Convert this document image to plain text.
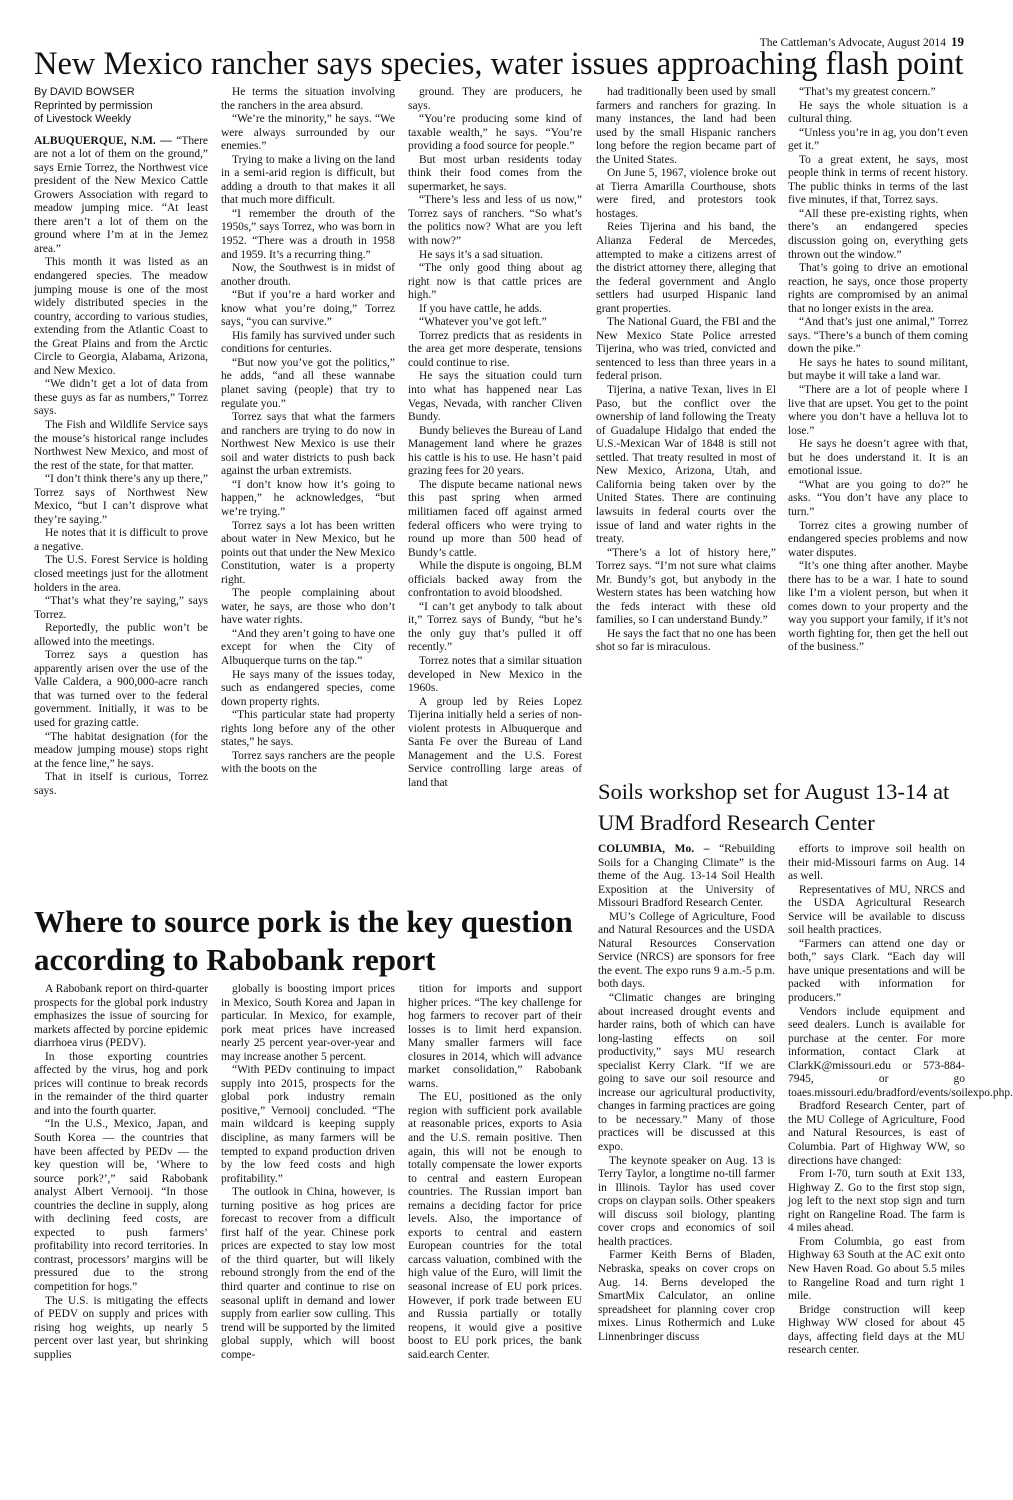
The Cattleman’s Advocate, August 2014 19
New Mexico rancher says species, water issues approaching flash point
By DAVID BOWSER
Reprinted by permission
of Livestock Weekly

ALBUQUERQUE, N.M. — “There are not a lot of them on the ground,” says Ernie Torrez, the Northwest vice president of the New Mexico Cattle Growers Association with regard to meadow jumping mice. “At least there aren’t a lot of them on the ground where I’m at in the Jemez area.”

This month it was listed as an endangered species. The meadow jumping mouse is one of the most widely distributed species in the country, according to various studies, extending from the Atlantic Coast to the Great Plains and from the Arctic Circle to Georgia, Alabama, Arizona, and New Mexico.

“We didn’t get a lot of data from these guys as far as numbers,” Torrez says.

The Fish and Wildlife Service says the mouse’s historical range includes Northwest New Mexico, and most of the rest of the state, for that matter.

“I don’t think there’s any up there,” Torrez says of Northwest New Mexico, “but I can’t disprove what they’re saying.”

He notes that it is difficult to prove a negative.

The U.S. Forest Service is holding closed meetings just for the allotment holders in the area.

“That’s what they’re saying,” says Torrez.

Reportedly, the public won’t be allowed into the meetings.

Torrez says a question has apparently arisen over the use of the Valle Caldera, a 900,000-acre ranch that was turned over to the federal government. Initially, it was to be used for grazing cattle.

“The habitat designation (for the meadow jumping mouse) stops right at the fence line,” he says.

That in itself is curious, Torrez says.

He terms the situation involving the ranchers in the area absurd.

“We’re the minority,” he says. “We were always surrounded by our enemies.”

Trying to make a living on the land in a semi-arid region is difficult, but adding a drouth to that makes it all that much more difficult.

“I remember the drouth of the 1950s,” says Torrez, who was born in 1952. “There was a drouth in 1958 and 1959. It’s a recurring thing.”

Now, the Southwest is in midst of another drouth.

“But if you’re a hard worker and know what you’re doing,” Torrez says, “you can survive.”

His family has survived under such conditions for centuries.

“But now you’ve got the politics,” he adds, “and all these wannabe planet saving (people) that try to regulate you.”

Torrez says that what the farmers and ranchers are trying to do now in Northwest New Mexico is use their soil and water districts to push back against the urban extremists.

“I don’t know how it’s going to happen,” he acknowledges, “but we’re trying.”

Torrez says a lot has been written about water in New Mexico, but he points out that under the New Mexico Constitution, water is a property right.

The people complaining about water, he says, are those who don’t have water rights.

“And they aren’t going to have one except for when the City of Albuquerque turns on the tap.”

He says many of the issues today, such as endangered species, come down property rights.

“This particular state had property rights long before any of the other states,” he says.

Torrez says ranchers are the people with the boots on the

ground. They are producers, he says.

“You’re producing some kind of taxable wealth,” he says. “You’re providing a food source for people.”

But most urban residents today think their food comes from the supermarket, he says.

“There’s less and less of us now,” Torrez says of ranchers. “So what’s the politics now? What are you left with now?”

He says it’s a sad situation.

“The only good thing about ag right now is that cattle prices are high.”

If you have cattle, he adds.

“Whatever you’ve got left.”

Torrez predicts that as residents in the area get more desperate, tensions could continue to rise.

He says the situation could turn into what has happened near Las Vegas, Nevada, with rancher Cliven Bundy.

Bundy believes the Bureau of Land Management land where he grazes his cattle is his to use. He hasn’t paid grazing fees for 20 years.

The dispute became national news this past spring when armed militiamen faced off against armed federal officers who were trying to round up more than 500 head of Bundy’s cattle.

While the dispute is ongoing, BLM officials backed away from the confrontation to avoid bloodshed.

“I can’t get anybody to talk about it,” Torrez says of Bundy, “but he’s the only guy that’s pulled it off recently.”

Torrez notes that a similar situation developed in New Mexico in the 1960s.

A group led by Reies Lopez Tijerina initially held a series of non-violent protests in Albuquerque and Santa Fe over the Bureau of Land Management and the U.S. Forest Service controlling large areas of land that

had traditionally been used by small farmers and ranchers for grazing. In many instances, the land had been used by the small Hispanic ranchers long before the region became part of the United States.

On June 5, 1967, violence broke out at Tierra Amarilla Courthouse, shots were fired, and protestors took hostages.

Reies Tijerina and his band, the Alianza Federal de Mercedes, attempted to make a citizens arrest of the district attorney there, alleging that the federal government and Anglo settlers had usurped Hispanic land grant properties.

The National Guard, the FBI and the New Mexico State Police arrested Tijerina, who was tried, convicted and sentenced to less than three years in a federal prison.

Tijerina, a native Texan, lives in El Paso, but the conflict over the ownership of land following the Treaty of Guadalupe Hidalgo that ended the U.S.-Mexican War of 1848 is still not settled. That treaty resulted in most of New Mexico, Arizona, Utah, and California being taken over by the United States. There are continuing lawsuits in federal courts over the issue of land and water rights in the treaty.

“There’s a lot of history here,” Torrez says. “I’m not sure what claims Mr. Bundy’s got, but anybody in the Western states has been watching how the feds interact with these old families, so I can understand Bundy.”

He says the fact that no one has been shot so far is miraculous.

“That’s my greatest concern.”

He says the whole situation is a cultural thing.

“Unless you’re in ag, you don’t even get it.”

To a great extent, he says, most people think in terms of recent history. The public thinks in terms of the last five minutes, if that, Torrez says.

“All these pre-existing rights, when there’s an endangered species discussion going on, everything gets thrown out the window.”

That’s going to drive an emotional reaction, he says, once those property rights are compromised by an animal that no longer exists in the area.

“And that’s just one animal,” Torrez says. “There’s a bunch of them coming down the pike.”

He says he hates to sound militant, but maybe it will take a land war.

“There are a lot of people where I live that are upset. You get to the point where you don’t have a helluva lot to lose.”

He says he doesn’t agree with that, but he does understand it. It is an emotional issue.

“What are you going to do?” he asks. “You don’t have any place to turn.”

Torrez cites a growing number of endangered species problems and now water disputes.

“It’s one thing after another. Maybe there has to be a war. I hate to sound like I’m a violent person, but when it comes down to your property and the way you support your family, if it’s not worth fighting for, then get the hell out of the business.”

Soils workshop set for August 13-14 at UM Bradford Research Center

COLUMBIA, Mo. – “Rebuilding Soils for a Changing Climate” is the theme of the Aug. 13-14 Soil Health Exposition at the University of Missouri Bradford Research Center.

MU’s College of Agriculture, Food and Natural Resources and the USDA Natural Resources Conservation Service (NRCS) are sponsors for free the event. The expo runs 9 a.m.-5 p.m. both days.

“Climatic changes are bringing about increased drought events and harder rains, both of which can have long-lasting effects on soil productivity,” says MU research specialist Kerry Clark. “If we are going to save our soil resource and increase our agricultural productivity, changes in farming practices are going to be necessary.” Many of those practices will be discussed at this expo.

The keynote speaker on Aug. 13 is Terry Taylor, a longtime no-till farmer in Illinois. Taylor has used cover crops on claypan soils. Other speakers will discuss soil biology, planting cover crops and economics of soil health practices.

Farmer Keith Berns of Bladen, Nebraska, speaks on cover crops on Aug. 14. Berns developed the SmartMix Calculator, an online spreadsheet for planning cover crop mixes. Linus Rothermich and Luke Linnenbringer discuss

efforts to improve soil health on their mid-Missouri farms on Aug. 14 as well.

Representatives of MU, NRCS and the USDA Agricultural Research Service will be available to discuss soil health practices.

“Farmers can attend one day or both,” says Clark. “Each day will have unique presentations and will be packed with information for producers.”

Vendors include equipment and seed dealers. Lunch is available for purchase at the center. For more information, contact Clark at ClarkK@missouri.edu or 573-884-7945, or go toaes.missouri.edu/bradford/events/soilexpo.php.

Bradford Research Center, part of the MU College of Agriculture, Food and Natural Resources, is east of Columbia. Part of Highway WW, so directions have changed:

From I-70, turn south at Exit 133, Highway Z. Go to the first stop sign, jog left to the next stop sign and turn right on Rangeline Road. The farm is 4 miles ahead.

From Columbia, go east from Highway 63 South at the AC exit onto New Haven Road. Go about 5.5 miles to Rangeline Road and turn right 1 mile.

Bridge construction will keep Highway WW closed for about 45 days, affecting field days at the MU research center.

Where to source pork is the key question according to Rabobank report

A Rabobank report on third-quarter prospects for the global pork industry emphasizes the issue of sourcing for markets affected by porcine epidemic diarrhoea virus (PEDV).

In those exporting countries affected by the virus, hog and pork prices will continue to break records in the remainder of the third quarter and into the fourth quarter.

“In the U.S., Mexico, Japan, and South Korea — the countries that have been affected by PEDv — the key question will be, ‘Where to source pork?’,” said Rabobank analyst Albert Vernooij. “In those countries the decline in supply, along with declining feed costs, are expected to push farmers’ profitability into record territories. In contrast, processors’ margins will be pressured due to the strong competition for hogs.”

The U.S. is mitigating the effects of PEDV on supply and prices with rising hog weights, up nearly 5 percent over last year, but shrinking supplies

globally is boosting import prices in Mexico, South Korea and Japan in particular. In Mexico, for example, pork meat prices have increased nearly 25 percent year-over-year and may increase another 5 percent.

“With PEDv continuing to impact supply into 2015, prospects for the global pork industry remain positive,” Vernooij concluded. “The main wildcard is keeping supply discipline, as many farmers will be tempted to expand production driven by the low feed costs and high profitability.”

The outlook in China, however, is turning positive as hog prices are forecast to recover from a difficult first half of the year. Chinese pork prices are expected to stay low most of the third quarter, but will likely rebound strongly from the end of the third quarter and continue to rise on seasonal uplift in demand and lower supply from earlier sow culling. This trend will be supported by the limited global supply, which will boost compe-

tition for imports and support higher prices. “The key challenge for hog farmers to recover part of their losses is to limit herd expansion. Many smaller farmers will face closures in 2014, which will advance market consolidation,” Rabobank warns.

The EU, positioned as the only region with sufficient pork available at reasonable prices, exports to Asia and the U.S. remain positive. Then again, this will not be enough to totally compensate the lower exports to central and eastern European countries. The Russian import ban remains a deciding factor for price levels. Also, the importance of exports to central and eastern European countries for the total carcass valuation, combined with the high value of the Euro, will limit the seasonal increase of EU pork prices. However, if pork trade between EU and Russia partially or totally reopens, it would give a positive boost to EU pork prices, the bank said.earch Center.
